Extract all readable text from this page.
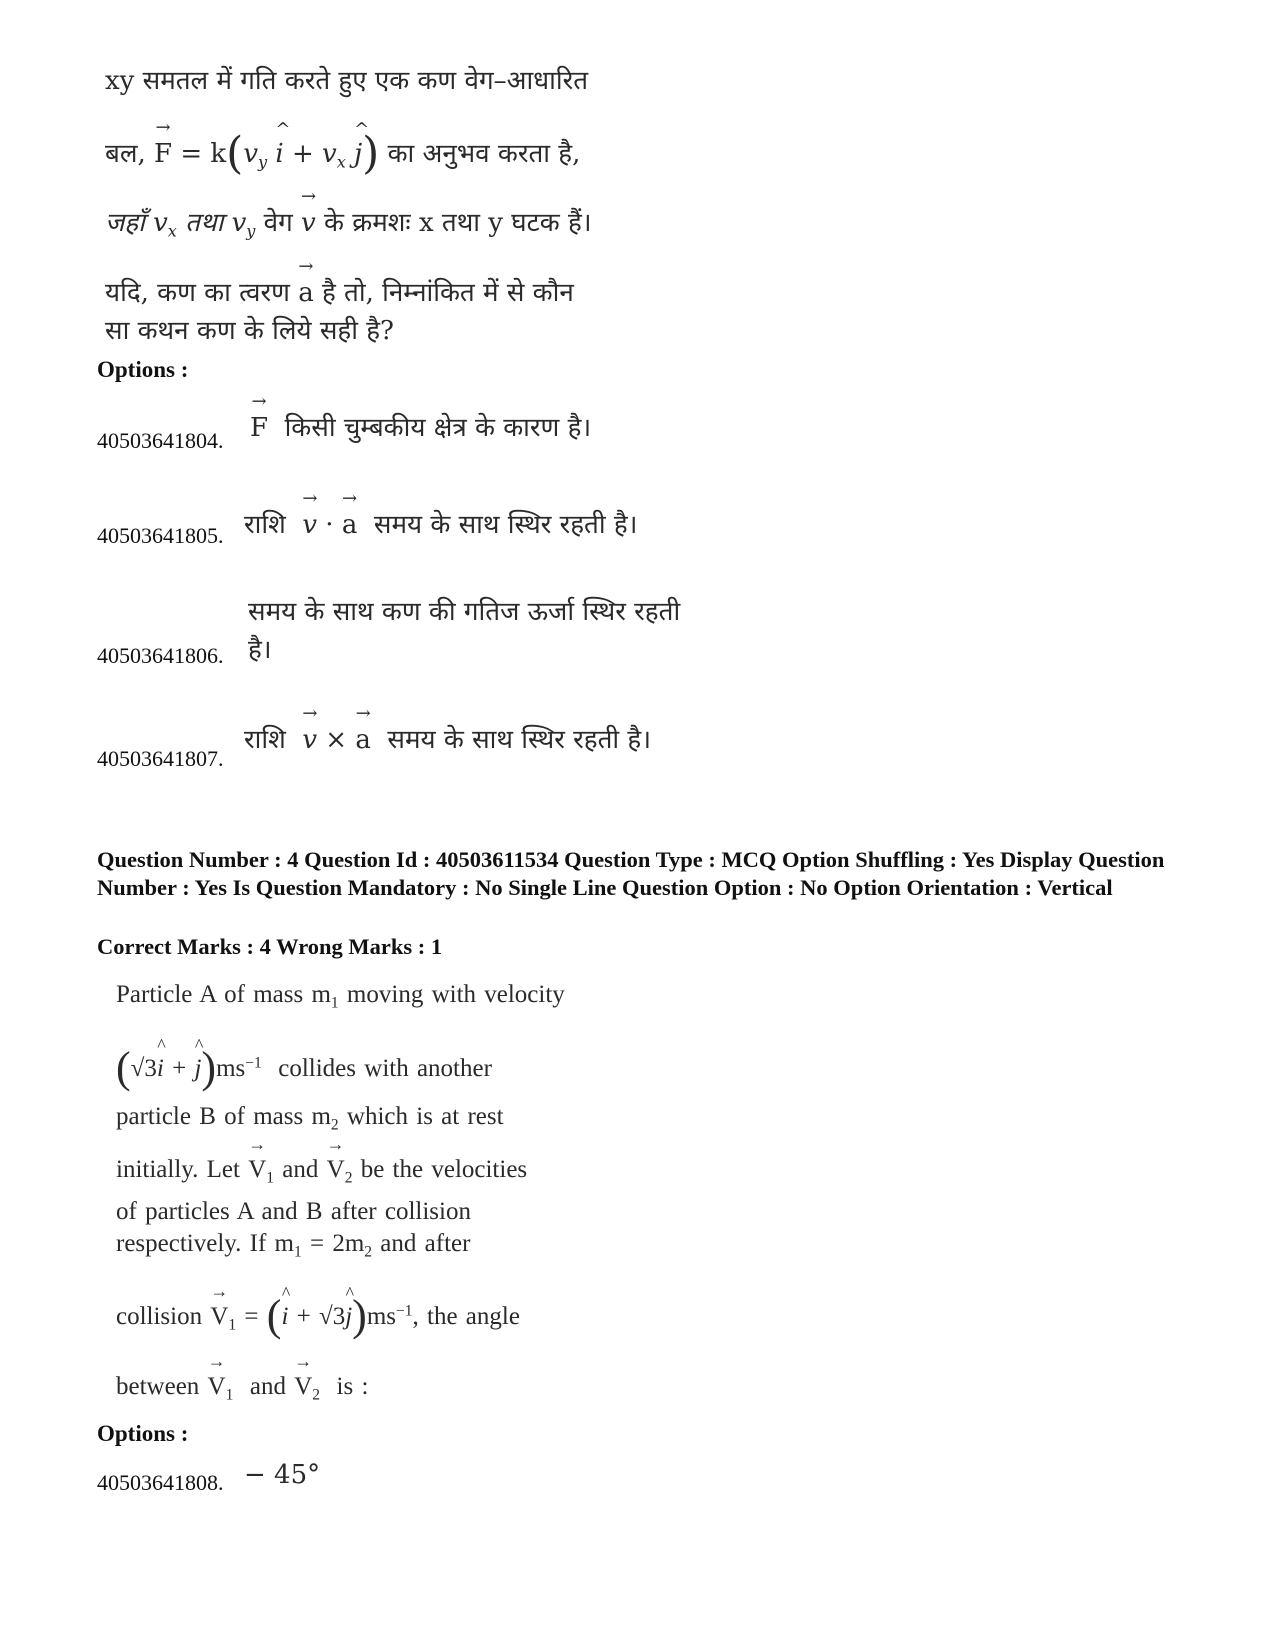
xy समतल में गति करते हुए एक कण वेग–आधारित
बल, → $F = k(v_y$ ^ $i + v_x$ ^ j) का अनुभव करता है,
जहाँ $v_x$ तथा $v_y$ वेग → v के क्रमशः x तथा y घटक हैं।
यदि, कण का त्वरण → a है तो, निम्नांकित में से कौन
सा कथन कण के लिये सही है?
Options :
40503641804. → F किसी चुम्बकीय क्षेत्र के कारण है।
40503641805. राशि → v · → a समय के साथ स्थिर रहती है।
समय के साथ कण की गतिज ऊर्जा स्थिर रहती
40503641806. है।
40503641807.
राशि → v × → a समय के साथ स्थिर रहती है।
Question Number : 4 Question Id : 40503611534 Question Type : MCQ Option Shuffling : Yes Display Question Number : Yes Is Question Mandatory : No Single Line Question Option : No Option Orientation : Vertical
Correct Marks : 4 Wrong Marks : 1
Particle A of mass $m_1$ moving with velocity
(√3^ i + ^ $j)ms^{-1}$ collides with another
particle B of mass $m_2$ which is at rest
initially. Let → $V_1$ and → $V_2$ be the velocities
of particles A and B after collision
respectively. If $m_1 = 2m_2$ and after
collision → $V_1$ = (^ i + √3^ $j)ms^{-1}$, the angle
between → $V_1$ and → $V_2$ is :
Options :
40503641808. − 45°
